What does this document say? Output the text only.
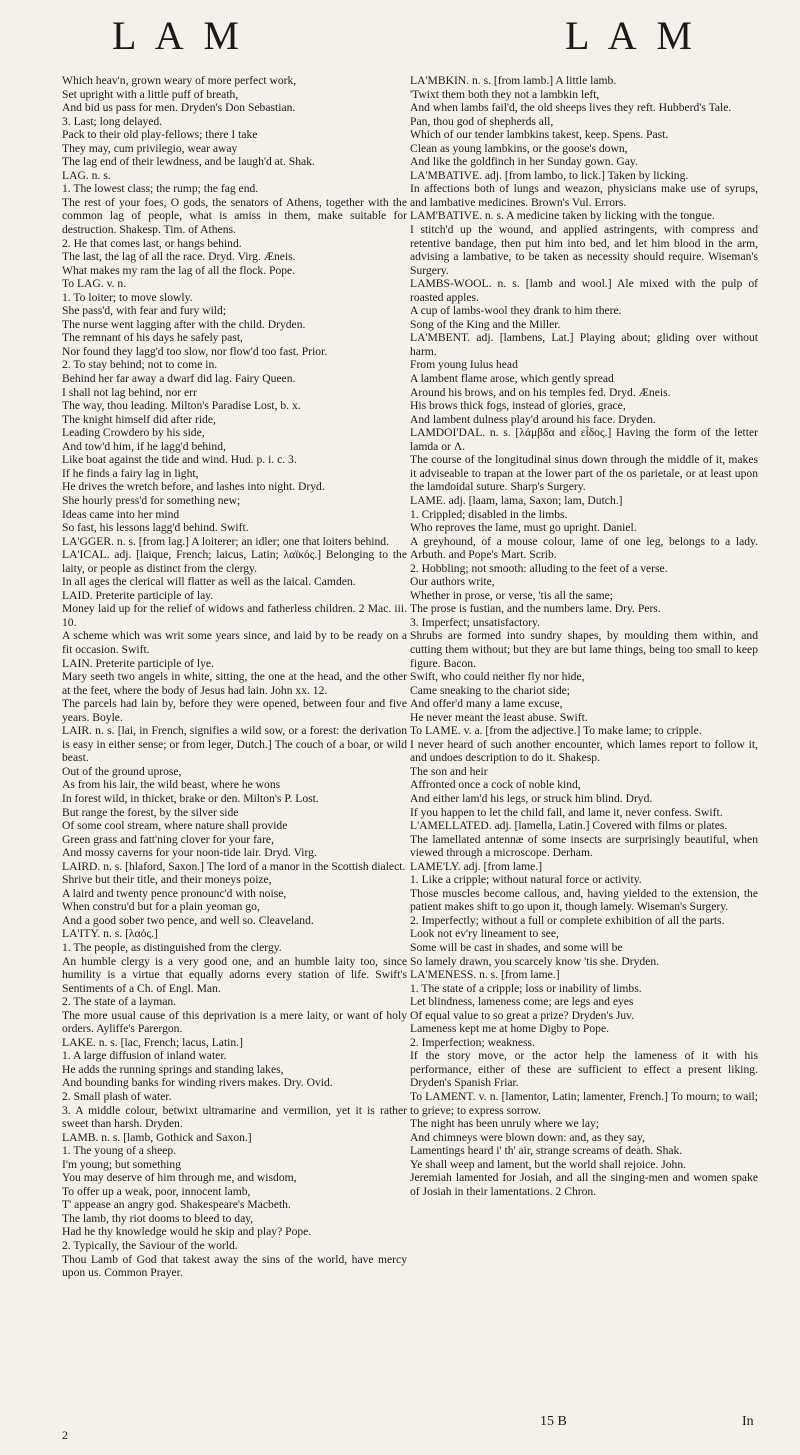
L A M	L A M
Which heav'n, grown weary of more perfect work,
Set upright with a little puff of breath,
And bid us pass for men. Dryden's Don Sebastian.
3. Last; long delayed.
Pack to their old play-fellows; there I take
They may, cum privilegio, wear away
The lag end of their lewdness, and be laugh'd at. Shak.
LAG. n. s.
1. The lowest class; the rump; the fag end.
The rest of your foes, O gods, the senators of Athens, together with the common lag of people, what is amiss in them, make suitable for destruction. Shakesp. Tim. of Athens.
2. He that comes last, or hangs behind.
The last, the lag of all the race. Dryd. Virg. Æneis.
What makes my ram the lag of all the flock. Pope.
To LAG. v. n.
1. To loiter; to move slowly.
She pass'd, with fear and fury wild;
The nurse went lagging after with the child. Dryden.
The remnant of his days he safely past,
Nor found they lagg'd too slow, nor flow'd too fast. Prior.
2. To stay behind; not to come in.
Behind her far away a dwarf did lag. Fairy Queen.
I shall not lag behind, nor err
The way, thou leading. Milton's Paradise Lost, b. x.
The knight himself did after ride,
Leading Crowdero by his side,
And tow'd him, if he lagg'd behind,
Like boat against the tide and wind. Hud. p. i. c. 3.
If he finds a fairy lag in light,
He drives the wretch before, and lashes into night. Dryd.
She hourly press'd for something new;
Ideas came into her mind
So fast, his lessons lagg'd behind. Swift.
LA'GGER. n. s. [from lag.] A loiterer; an idler; one that loiters behind.
LA'ICAL. adj. [laique, French; laicus, Latin; λαϊκός.] Belonging to the laity, or people as distinct from the clergy.
In all ages the clerical will flatter as well as the laical. Camden.
LAID. Preterite participle of lay.
Money laid up for the relief of widows and fatherless children. 2 Mac. iii. 10.
A scheme which was writ some years since, and laid by to be ready on a fit occasion. Swift.
LAIN. Preterite participle of lye.
Mary seeth two angels in white, sitting, the one at the head, and the other at the feet, where the body of Jesus had lain. John xx. 12.
The parcels had lain by, before they were opened, between four and five years. Boyle.
LAIR. n. s. [lai, in French, signifies a wild sow, or a forest: the derivation is easy in either sense; or from leger, Dutch.] The couch of a boar, or wild beast.
Out of the ground uprose,
As from his lair, the wild beast, where he wons
In forest wild, in thicket, brake or den. Milton's P. Lost.
But range the forest, by the silver side
Of some cool stream, where nature shall provide
Green grass and fatt'ning clover for your fare,
And mossy caverns for your noon-tide lair. Dryd. Virg.
LAIRD. n. s. [hlaford, Saxon.] The lord of a manor in the Scottish dialect.
Shrive but their title, and their moneys poize,
A laird and twenty pence pronounc'd with noise,
When constru'd but for a plain yeoman go,
And a good sober two pence, and well so. Cleaveland.
LA'ITY. n. s. [λαός.]
1. The people, as distinguished from the clergy.
An humble clergy is a very good one, and an humble laity too, since humility is a virtue that equally adorns every station of life. Swift's Sentiments of a Ch. of Engl. Man.
2. The state of a layman.
The more usual cause of this deprivation is a mere laity, or want of holy orders. Ayliffe's Parergon.
LAKE. n. s. [lac, French; lacus, Latin.]
1. A large diffusion of inland water.
He adds the running springs and standing lakes,
And bounding banks for winding rivers makes. Dry. Ovid.
2. Small plash of water.
3. A middle colour, betwixt ultramarine and vermilion, yet it is rather sweet than harsh. Dryden.
LAMB. n. s. [lamb, Gothick and Saxon.]
1. The young of a sheep.
I'm young; but something
You may deserve of him through me, and wisdom,
To offer up a weak, poor, innocent lamb,
T' appease an angry god. Shakespeare's Macbeth.
The lamb, thy riot dooms to bleed to day,
Had he thy knowledge would he skip and play? Pope.
2. Typically, the Saviour of the world.
Thou Lamb of God that takest away the sins of the world, have mercy upon us. Common Prayer.
LA'MBKIN. n. s. [from lamb.] A little lamb.
'Twixt them both they not a lambkin left,
And when lambs fail'd, the old sheeps lives they reft. Hubberd's Tale.
Pan, thou god of shepherds all,
Which of our tender lambkins takest, keep. Spens. Past.
Clean as young lambkins, or the goose's down,
And like the goldfinch in her Sunday gown. Gay.
LA'MBATIVE. adj. [from lambo, to lick.] Taken by licking.
In affections both of lungs and weazon, physicians make use of syrups, and lambative medicines. Brown's Vul. Errors.
LAM'BATIVE. n. s. A medicine taken by licking with the tongue.
I stitch'd up the wound, and applied astringents, with compress and retentive bandage, then put him into bed, and let him blood in the arm, advising a lambative, to be taken as necessity should require. Wiseman's Surgery.
LAMBS-WOOL. n. s. [lamb and wool.] Ale mixed with the pulp of roasted apples.
A cup of lambs-wool they drank to him there.
Song of the King and the Miller.
LA'MBENT. adj. [lambens, Lat.] Playing about; gliding over without harm.
From young Iulus head
A lambent flame arose, which gently spread
Around his brows, and on his temples fed. Dryd. Æneis.
His brows thick fogs, instead of glories, grace,
And lambent dulness play'd around his face. Dryden.
LAMDOI'DAL. n. s. [λάμβδα and εἶδος.] Having the form of the letter lamda or Λ.
The course of the longitudinal sinus down through the middle of it, makes it adviseable to trapan at the lower part of the os parietale, or at least upon the lamdoidal suture. Sharp's Surgery.
LAME. adj. [laam, lama, Saxon; lam, Dutch.]
1. Crippled; disabled in the limbs.
Who reproves the lame, must go upright. Daniel.
A greyhound, of a mouse colour, lame of one leg, belongs to a lady. Arbuth. and Pope's Mart. Scrib.
2. Hobbling; not smooth: alluding to the feet of a verse.
Our authors write,
Whether in prose, or verse, 'tis all the same;
The prose is fustian, and the numbers lame. Dry. Pers.
3. Imperfect; unsatisfactory.
Shrubs are formed into sundry shapes, by moulding them within, and cutting them without; but they are but lame things, being too small to keep figure. Bacon.
Swift, who could neither fly nor hide,
Came sneaking to the chariot side;
And offer'd many a lame excuse,
He never meant the least abuse. Swift.
To LAME. v. a. [from the adjective.] To make lame; to cripple.
I never heard of such another encounter, which lames report to follow it, and undoes description to do it. Shakesp.
The son and heir
Affronted once a cock of noble kind,
And either lam'd his legs, or struck him blind. Dryd.
If you happen to let the child fall, and lame it, never confess. Swift.
L'AMELLATED. adj. [lamella, Latin.] Covered with films or plates.
The lamellated antennæ of some insects are surprisingly beautiful, when viewed through a microscope. Derham.
LAME'LY. adj. [from lame.]
1. Like a cripple; without natural force or activity.
Those muscles become callous, and, having yielded to the extension, the patient makes shift to go upon it, though lamely. Wiseman's Surgery.
2. Imperfectly; without a full or complete exhibition of all the parts.
Look not ev'ry lineament to see,
Some will be cast in shades, and some will be
So lamely drawn, you scarcely know 'tis she. Dryden.
LA'MENESS. n. s. [from lame.]
1. The state of a cripple; loss or inability of limbs.
Let blindness, lameness come; are legs and eyes
Of equal value to so great a prize? Dryden's Juv.
Lameness kept me at home Digby to Pope.
2. Imperfection; weakness.
If the story move, or the actor help the lameness of it with his performance, either of these are sufficient to effect a present liking. Dryden's Spanish Friar.
To LAMENT. v. n. [lamentor, Latin; lamenter, French.] To mourn; to wail; to grieve; to express sorrow.
The night has been unruly where we lay;
And chimneys were blown down: and, as they say,
Lamentings heard i' th' air, strange screams of death. Shak.
Ye shall weep and lament, but the world shall rejoice. John.
Jeremiah lamented for Josiah, and all the singing-men and women spake of Josiah in their lamentations. 2 Chron.
2
15 B	In
